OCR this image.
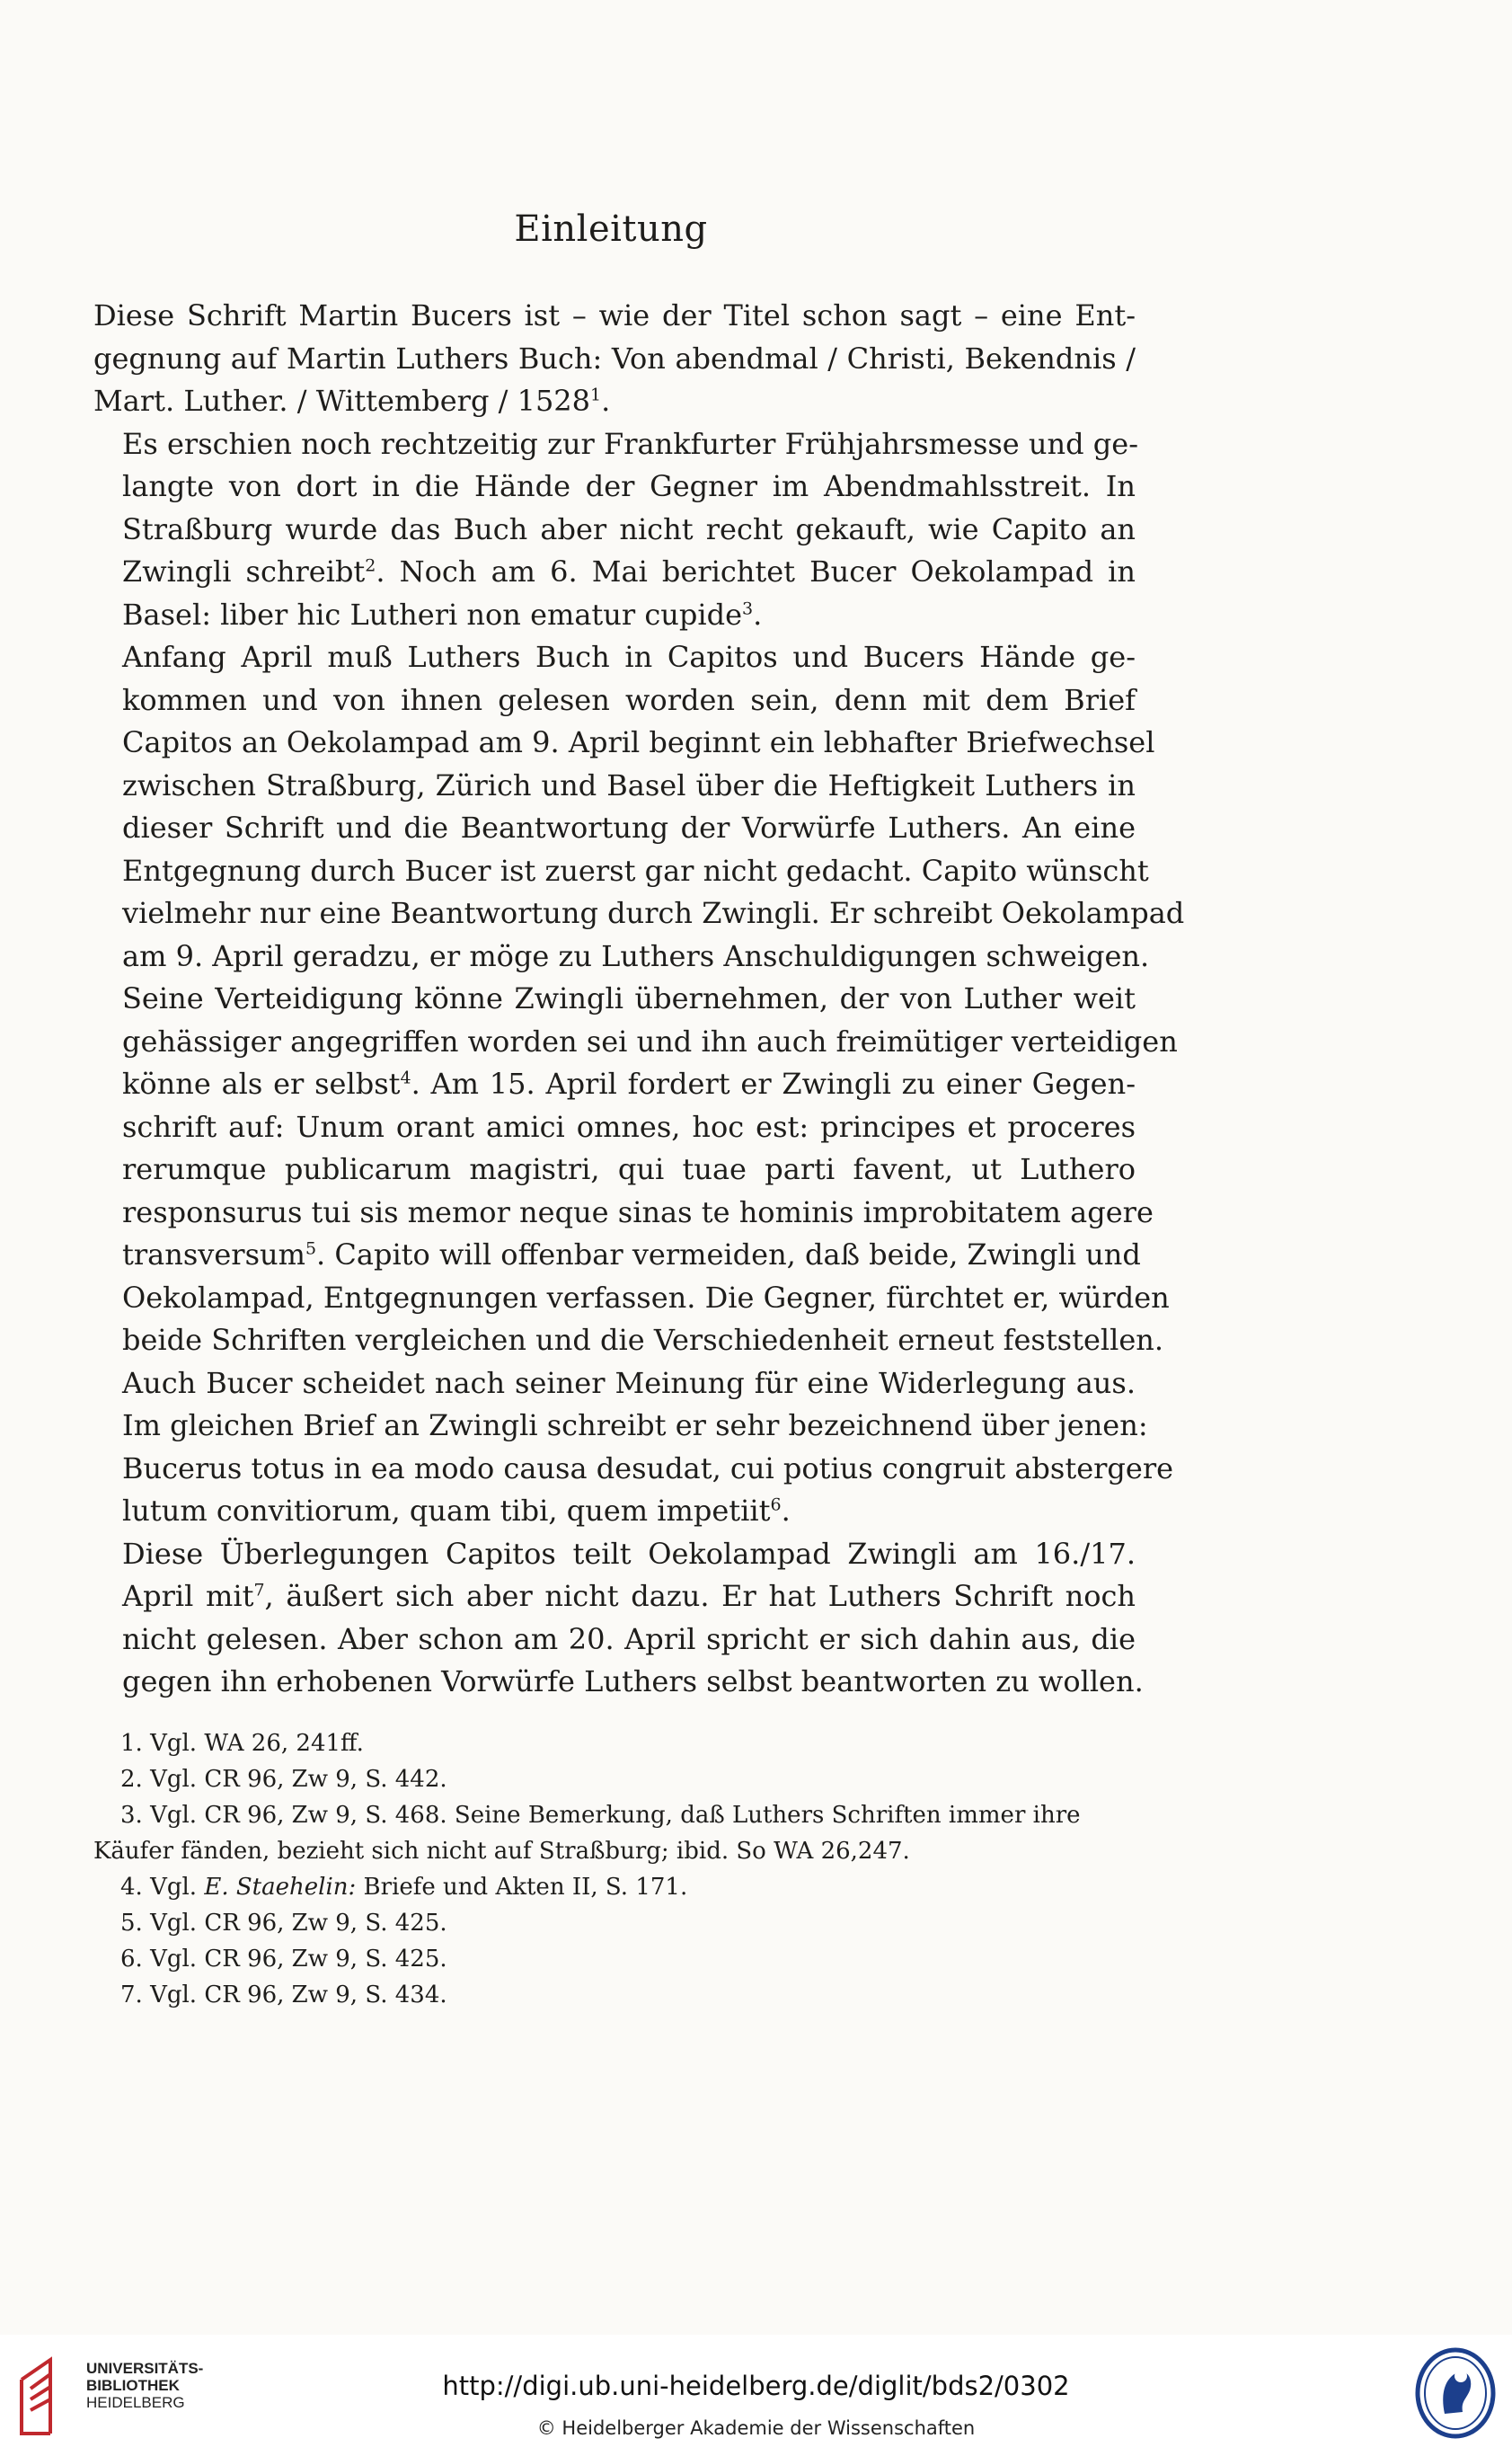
Einleitung

Diese Schrift Martin Bucers ist – wie der Titel schon sagt – eine Ent-
gegnung auf Martin Luthers Buch: Von abendmal / Christi, Bekendnis /
Mart. Luther. / Wittemberg / 1528$^1$.

Es erschien noch rechtzeitig zur Frankfurter Frühjahrsmesse und ge-
langte von dort in die Hände der Gegner im Abendmahlsstreit. In
Straßburg wurde das Buch aber nicht recht gekauft, wie Capito an
Zwingli schreibt$^2$. Noch am 6. Mai berichtet Bucer Oekolampad in
Basel: liber hic Lutheri non ematur cupide$^3$.

Anfang April muß Luthers Buch in Capitos und Bucers Hände ge-
kommen und von ihnen gelesen worden sein, denn mit dem Brief
Capitos an Oekolampad am 9. April beginnt ein lebhafter Briefwechsel
zwischen Straßburg, Zürich und Basel über die Heftigkeit Luthers in
dieser Schrift und die Beantwortung der Vorwürfe Luthers. An eine
Entgegnung durch Bucer ist zuerst gar nicht gedacht. Capito wünscht
vielmehr nur eine Beantwortung durch Zwingli. Er schreibt Oekolampad
am 9. April geradzu, er möge zu Luthers Anschuldigungen schweigen.
Seine Verteidigung könne Zwingli übernehmen, der von Luther weit
gehässiger angegriffen worden sei und ihn auch freimütiger verteidigen
könne als er selbst$^4$. Am 15. April fordert er Zwingli zu einer Gegen-
schrift auf: Unum orant amici omnes, hoc est: principes et proceres
rerumque publicarum magistri, qui tuae parti favent, ut Luthero
responsurus tui sis memor neque sinas te hominis improbitatem agere
transversum$^5$. Capito will offenbar vermeiden, daß beide, Zwingli und
Oekolampad, Entgegnungen verfassen. Die Gegner, fürchtet er, würden
beide Schriften vergleichen und die Verschiedenheit erneut feststellen.
Auch Bucer scheidet nach seiner Meinung für eine Widerlegung aus.
Im gleichen Brief an Zwingli schreibt er sehr bezeichnend über jenen:
Bucerus totus in ea modo causa desudat, cui potius congruit abstergere
lutum convitiorum, quam tibi, quem impetiit$^6$.

Diese Überlegungen Capitos teilt Oekolampad Zwingli am 16./17.
April mit$^7$, äußert sich aber nicht dazu. Er hat Luthers Schrift noch
nicht gelesen. Aber schon am 20. April spricht er sich dahin aus, die
gegen ihn erhobenen Vorwürfe Luthers selbst beantworten zu wollen.

1. Vgl. WA 26, 241ff.
2. Vgl. CR 96, Zw 9, S. 442.
3. Vgl. CR 96, Zw 9, S. 468. Seine Bemerkung, daß Luthers Schriften immer ihre
Käufer fänden, bezieht sich nicht auf Straßburg; ibid. So WA 26,247.
4. Vgl. E. Staehelin: Briefe und Akten II, S. 171.
5. Vgl. CR 96, Zw 9, S. 425.
6. Vgl. CR 96, Zw 9, S. 425.
7. Vgl. CR 96, Zw 9, S. 434.
UNIVERSITÄTS-
BIBLIOTHEK
HEIDELBERG
http://digi.ub.uni-heidelberg.de/diglit/bds2/0302
© Heidelberger Akademie der Wissenschaften
